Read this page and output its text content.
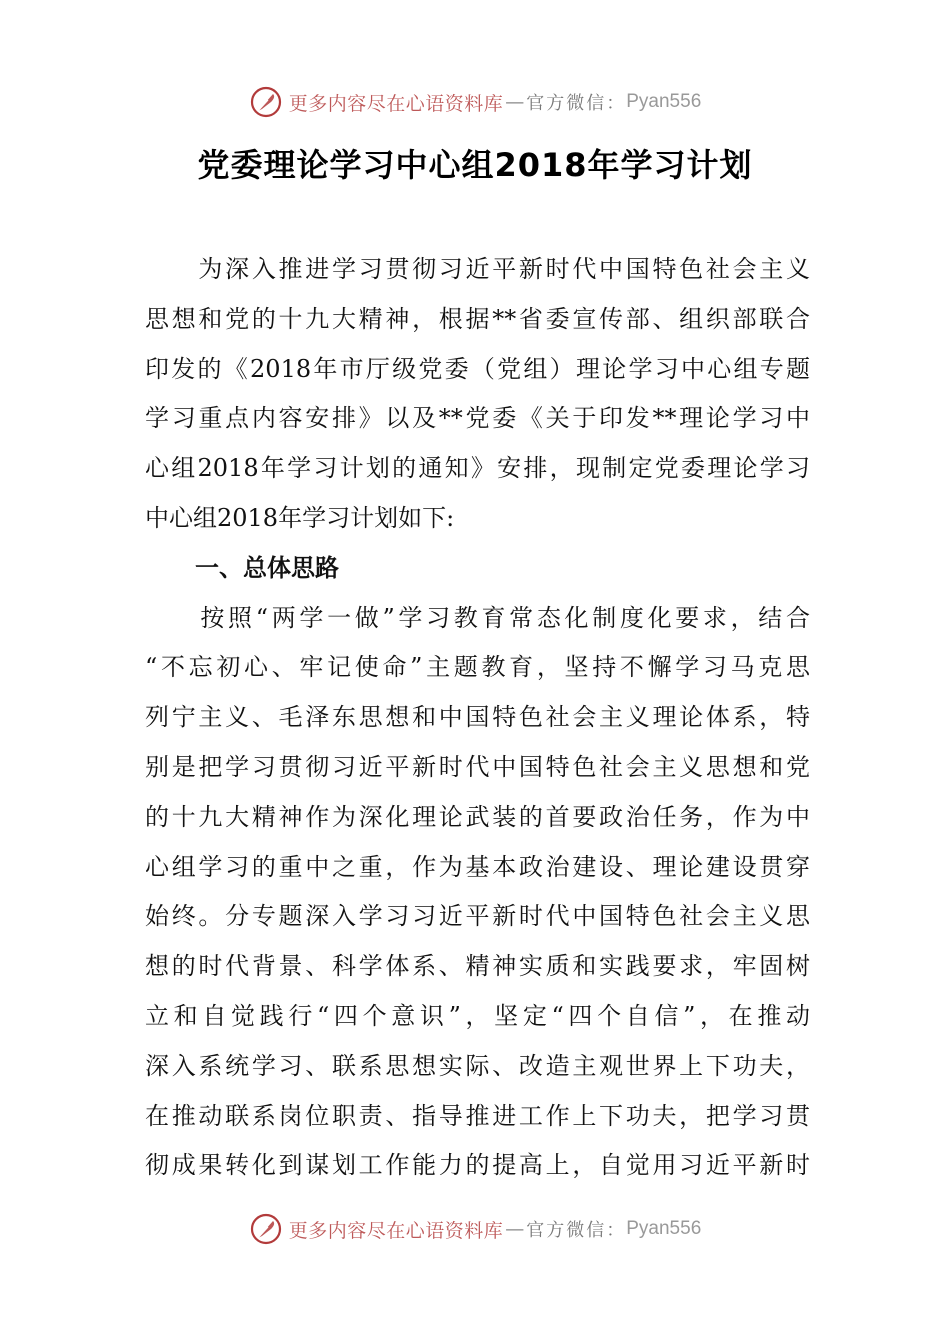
更多内容尽在心语资料库 — 官方微信： Pyan556
党委理论学习中心组2018年学习计划
　　为深入推进学习贯彻习近平新时代中国特色社会主义
思想和党的十九大精神，根据**省委宣传部、组织部联合
印发的《2018年市厅级党委（党组）理论学习中心组专题
学习重点内容安排》以及**党委《关于印发**理论学习中
心组2018年学习计划的通知》安排，现制定党委理论学习
中心组2018年学习计划如下:
一、总体思路
　　按照“两学一做”学习教育常态化制度化要求，结合
“不忘初心、牢记使命”主题教育，坚持不懈学习马克思
列宁主义、毛泽东思想和中国特色社会主义理论体系，特
别是把学习贯彻习近平新时代中国特色社会主义思想和党
的十九大精神作为深化理论武装的首要政治任务，作为中
心组学习的重中之重，作为基本政治建设、理论建设贯穿
始终。分专题深入学习习近平新时代中国特色社会主义思
想的时代背景、科学体系、精神实质和实践要求，牢固树
立和自觉践行“四个意识”，坚定“四个自信”，在推动
深入系统学习、联系思想实际、改造主观世界上下功夫，
在推动联系岗位职责、指导推进工作上下功夫，把学习贯
彻成果转化到谋划工作能力的提高上，自觉用习近平新时
更多内容尽在心语资料库 — 官方微信： Pyan556
